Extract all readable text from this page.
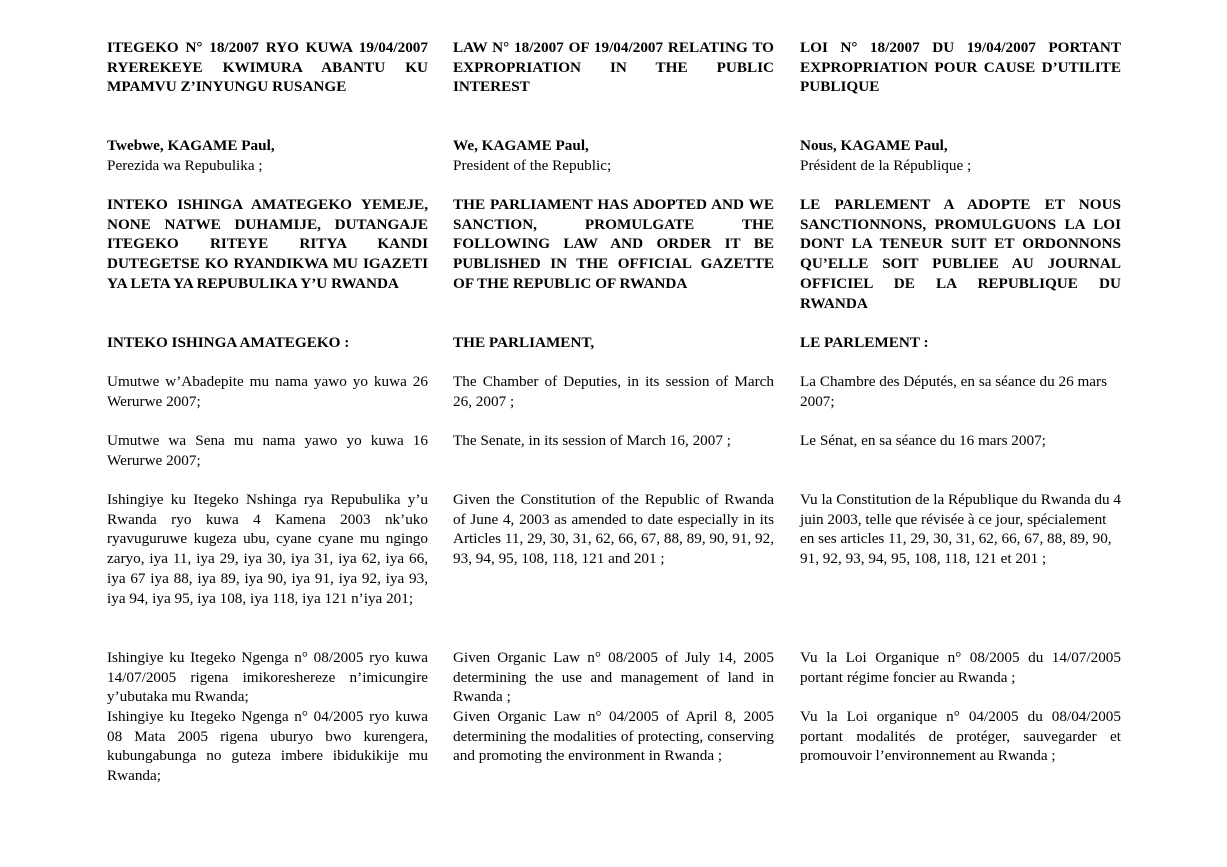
ITEGEKO N° 18/2007 RYO KUWA 19/04/2007 RYEREKEYE KWIMURA ABANTU KU MPAMVU Z’INYUNGU RUSANGE

Twebwe, KAGAME Paul,

Perezida wa Repubulika ;

INTEKO ISHINGA AMATEGEKO YEMEJE, NONE NATWE DUHAMIJE, DUTANGAJE ITEGEKO RITEYE RITYA KANDI DUTEGETSE KO RYANDIKWA MU IGAZETI YA LETA YA REPUBULIKA Y’U RWANDA

INTEKO ISHINGA AMATEGEKO :

Umutwe w’Abadepite mu nama yawo yo kuwa 26 Werurwe 2007;

Umutwe wa Sena mu nama yawo yo kuwa 16 Werurwe 2007;

Ishingiye ku Itegeko Nshinga rya Repubulika y’u Rwanda ryo kuwa 4 Kamena 2003 nk’uko ryavuguruwe kugeza ubu, cyane cyane mu ngingo zaryo, iya 11, iya 29, iya 30, iya 31, iya 62, iya 66, iya 67 iya 88, iya 89, iya 90, iya 91, iya 92, iya 93, iya 94, iya 95, iya 108, iya 118, iya 121 n’iya 201;

Ishingiye ku Itegeko Ngenga n° 08/2005 ryo kuwa 14/07/2005 rigena imikoreshereze n’imicungire y’ubutaka mu Rwanda;

Ishingiye ku Itegeko Ngenga n° 04/2005 ryo kuwa 08 Mata 2005 rigena uburyo bwo kurengera, kubungabunga no guteza imbere ibidukikije mu Rwanda;

LAW N° 18/2007 OF 19/04/2007 RELATING TO EXPROPRIATION IN THE PUBLIC INTEREST

We, KAGAME Paul,

President of the Republic;

THE PARLIAMENT HAS ADOPTED AND WE SANCTION, PROMULGATE THE FOLLOWING LAW AND ORDER IT BE PUBLISHED IN THE OFFICIAL GAZETTE OF THE REPUBLIC OF RWANDA

THE PARLIAMENT,

The Chamber of Deputies, in its session of March 26, 2007 ;

The Senate, in its session of March 16, 2007 ;

Given the Constitution of the Republic of Rwanda of June 4, 2003 as amended to date especially in its Articles 11, 29, 30, 31, 62, 66, 67, 88, 89, 90, 91, 92, 93, 94, 95, 108, 118, 121 and 201 ;

Given Organic Law n° 08/2005 of July 14, 2005 determining the use and management of land in Rwanda ;

Given Organic Law n° 04/2005 of April 8, 2005 determining the modalities of protecting, conserving and promoting the environment in Rwanda ;

LOI N° 18/2007 DU 19/04/2007 PORTANT EXPROPRIATION POUR CAUSE D’UTILITE PUBLIQUE

Nous, KAGAME Paul,

Président de la République ;

LE PARLEMENT A ADOPTE ET NOUS SANCTIONNONS, PROMULGUONS LA LOI DONT LA TENEUR SUIT ET ORDONNONS QU’ELLE SOIT PUBLIEE AU JOURNAL OFFICIEL DE LA REPUBLIQUE DU RWANDA

LE PARLEMENT :

La Chambre des Députés, en sa séance du 26 mars 2007;

Le Sénat, en sa séance du 16 mars 2007;

Vu la Constitution de la République du Rwanda du 4 juin 2003, telle que révisée à ce jour, spécialement en ses articles 11, 29, 30, 31, 62, 66, 67, 88, 89, 90, 91, 92, 93, 94, 95, 108, 118, 121 et 201 ;

Vu la Loi Organique n° 08/2005 du 14/07/2005 portant régime foncier au Rwanda ;

Vu la Loi organique n° 04/2005 du 08/04/2005 portant modalités de protéger, sauvegarder et promouvoir l’environnement au Rwanda ;
